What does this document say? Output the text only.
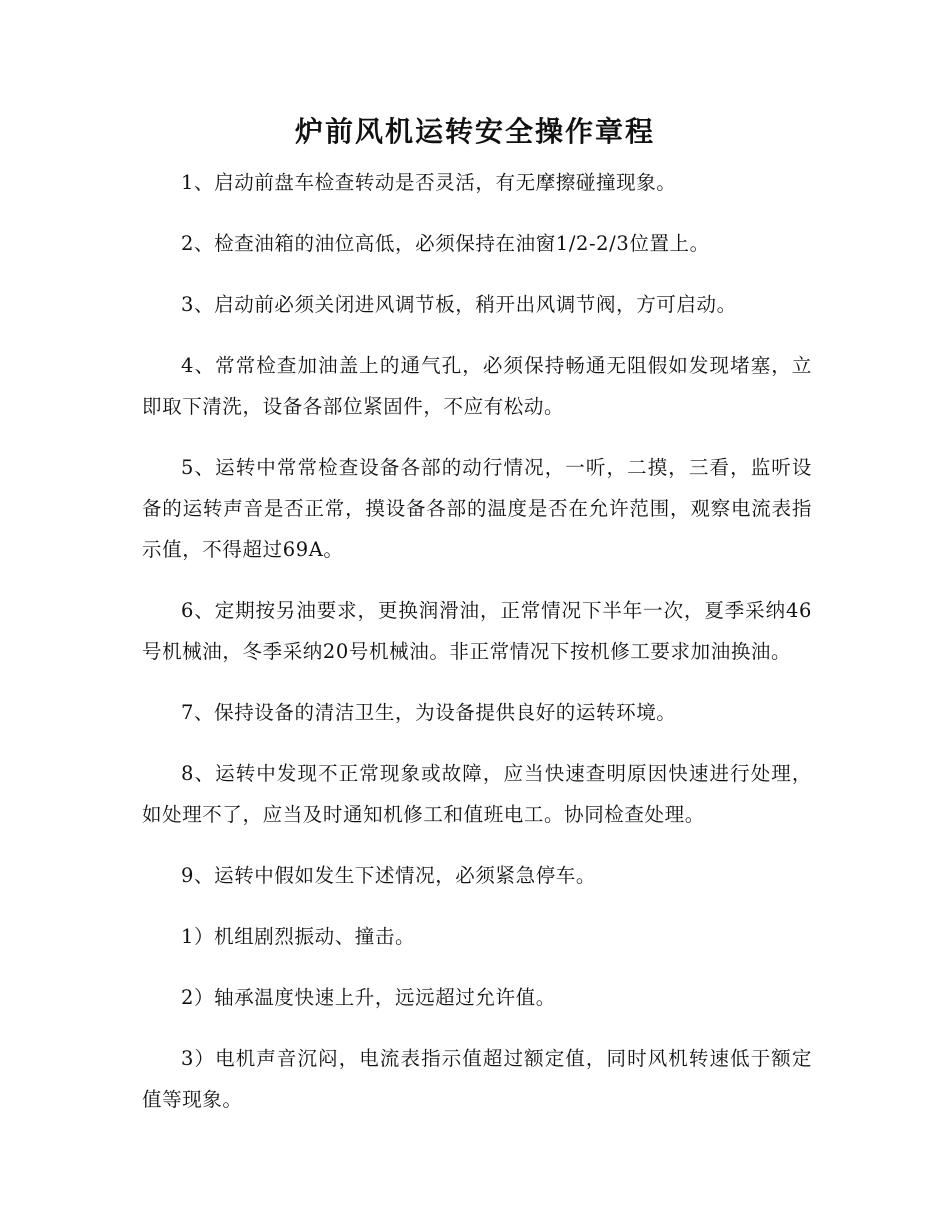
炉前风机运转安全操作章程

1、启动前盘车检查转动是否灵活，有无摩擦碰撞现象。

2、检查油箱的油位高低，必须保持在油窗1/2-2/3位置上。

3、启动前必须关闭进风调节板，稍开出风调节阀，方可启动。

4、常常检查加油盖上的通气孔，必须保持畅通无阻假如发现堵塞，立即取下清洗，设备各部位紧固件，不应有松动。

5、运转中常常检查设备各部的动行情况，一听，二摸，三看，监听设备的运转声音是否正常，摸设备各部的温度是否在允许范围，观察电流表指示值，不得超过69A。

6、定期按另油要求，更换润滑油，正常情况下半年一次，夏季采纳46号机械油，冬季采纳20号机械油。非正常情况下按机修工要求加油换油。

7、保持设备的清洁卫生，为设备提供良好的运转环境。

8、运转中发现不正常现象或故障，应当快速查明原因快速进行处理，如处理不了，应当及时通知机修工和值班电工。协同检查处理。

9、运转中假如发生下述情况，必须紧急停车。

1）机组剧烈振动、撞击。

2）轴承温度快速上升，远远超过允许值。

3）电机声音沉闷，电流表指示值超过额定值，同时风机转速低于额定值等现象。
